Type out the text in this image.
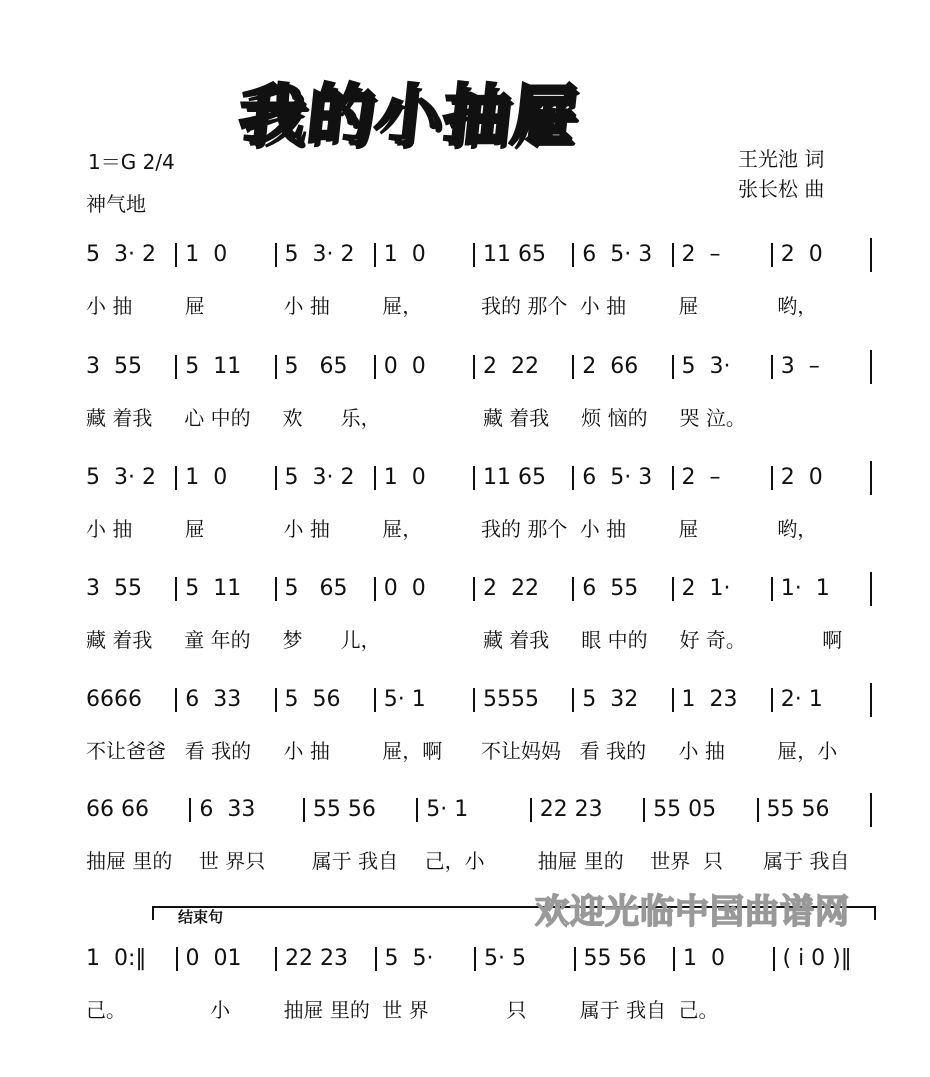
我的小抽屉
1＝G 2/4
神气地
王光池 词
张长松 曲
5  3· 2	1  0	5  3· 2	1  0	11 65	6  5· 3	2  –	2  0
小 抽	屉	小 抽	屉，	我的 那个 小 抽	屉	哟，
3  55	5  11	5   65	0  0	2  22	2  66	5  3·	3  –
藏 着我	心 中的	欢      乐，	藏 着我	烦 恼的	哭 泣。
5  3· 2	1  0	5  3· 2	1  0	11 65	6  5· 3	2  –	2  0
小 抽	屉	小 抽	屉，	我的 那个 小 抽	屉	哟，
3  55	5  11	5   65	0  0	2  22	6  55	2  1·	1·  1
藏 着我	童 年的	梦      儿，	藏 着我	眼 中的	好 奇。	啊
6666	6  33	5  56	5· 1	5555	5  32	1  23	2· 1
不让爸爸 看 我的	小 抽	屉，啊	不让妈妈 看 我的	小 抽	屉，小
66 66	6  33	55 56	5· 1	22 23	55 05	55 56
抽屉 里的	世 界只	属于 我自	己，小	抽屉 里的	世界  只	属于 我自
1  0:‖	0  01	22 23	5  5·	5· 5	55 56	1  0	( i 0 )‖
己。	小	抽屉 里的 世 界	只	属于 我自 己。
结束句	欢迎光临中国曲谱网
